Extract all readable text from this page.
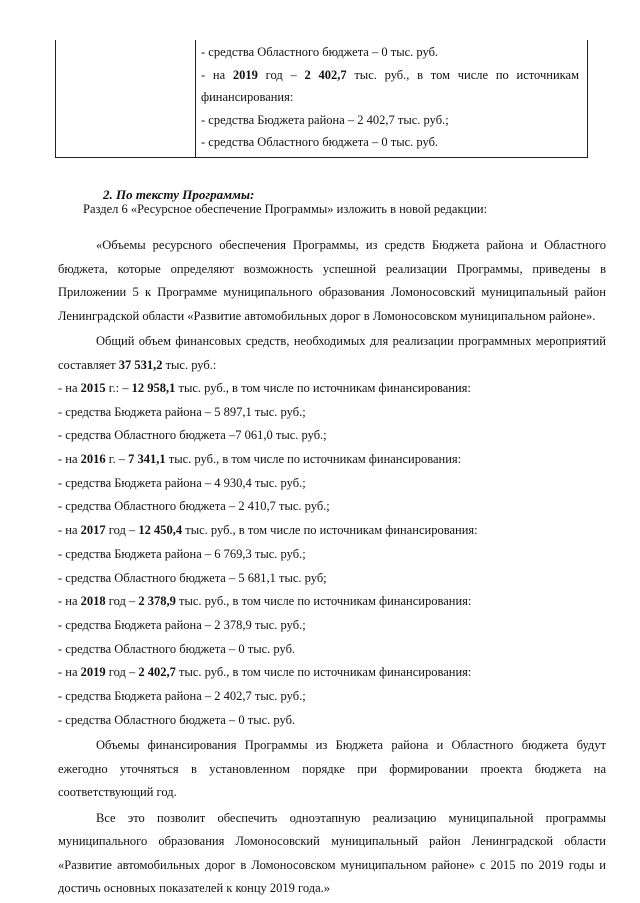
- средства Областного бюджета – 0 тыс. руб.
- на 2019 год – 2 402,7 тыс. руб., в том числе по источникам
финансирования:
- средства Бюджета района – 2 402,7 тыс. руб.;
- средства Областного бюджета – 0 тыс. руб.
2. По тексту Программы:
Раздел 6 «Ресурсное обеспечение Программы» изложить в новой редакции:

«Объемы ресурсного обеспечения Программы, из средств Бюджета района и Областного бюджета, которые определяют возможность успешной реализации Программы, приведены в Приложении 5 к Программе муниципального образования Ломоносовский муниципальный район Ленинградской области «Развитие автомобильных дорог в Ломоносовском муниципальном районе».

Общий объем финансовых средств, необходимых для реализации программных мероприятий составляет 37 531,2 тыс. руб.:

- на 2015 г.: – 12 958,1 тыс. руб., в том числе по источникам финансирования:
- средства Бюджета района – 5 897,1 тыс. руб.;
- средства Областного бюджета –7 061,0 тыс. руб.;
- на 2016 г. – 7 341,1 тыс. руб., в том числе по источникам финансирования:
- средства Бюджета района – 4 930,4 тыс. руб.;
- средства Областного бюджета – 2 410,7 тыс. руб.;
- на 2017 год – 12 450,4 тыс. руб., в том числе по источникам финансирования:
- средства Бюджета района – 6 769,3 тыс. руб.;
- средства Областного бюджета – 5 681,1 тыс. руб;
- на 2018 год – 2 378,9 тыс. руб., в том числе по источникам финансирования:
- средства Бюджета района – 2 378,9 тыс. руб.;
- средства Областного бюджета – 0 тыс. руб.
- на 2019 год – 2 402,7 тыс. руб., в том числе по источникам финансирования:
- средства Бюджета района – 2 402,7 тыс. руб.;
- средства Областного бюджета – 0 тыс. руб.

Объемы финансирования Программы из Бюджета района и Областного бюджета будут ежегодно уточняться в установленном порядке при формировании проекта бюджета на соответствующий год.

Все это позволит обеспечить одноэтапную реализацию муниципальной программы муниципального образования Ломоносовский муниципальный район Ленинградской области «Развитие автомобильных дорог в Ломоносовском муниципальном районе» с 2015 по 2019 годы и достичь основных показателей к концу 2019 года.»
